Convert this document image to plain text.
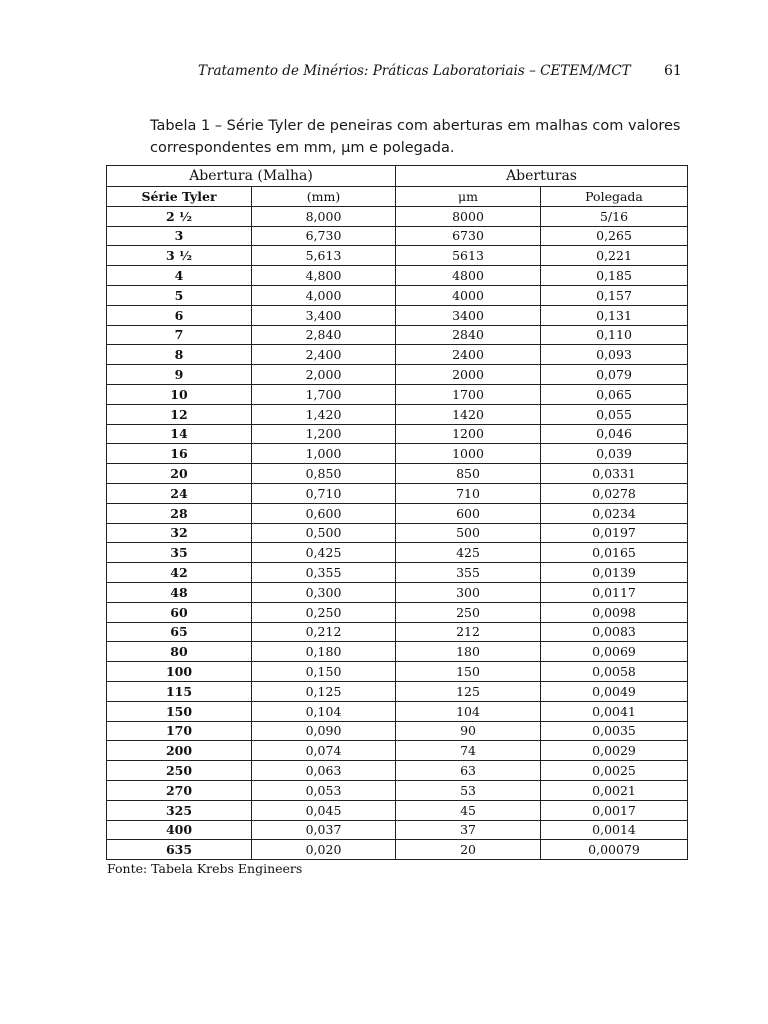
Tratamento de Minérios: Práticas Laboratoriais – CETEM/MCT 61
Tabela 1 – Série Tyler de peneiras com aberturas em malhas com valores
correspondentes em mm, μm e polegada.
Abertura (Malha)		Aberturas	
Série Tyler	(mm)	μm	Polegada
2 ½	8,000	8000	5/16
3	6,730	6730	0,265
3 ½	5,613	5613	0,221
4	4,800	4800	0,185
5	4,000	4000	0,157
6	3,400	3400	0,131
7	2,840	2840	0,110
8	2,400	2400	0,093
9	2,000	2000	0,079
10	1,700	1700	0,065
12	1,420	1420	0,055
14	1,200	1200	0,046
16	1,000	1000	0,039
20	0,850	850	0,0331
24	0,710	710	0,0278
28	0,600	600	0,0234
32	0,500	500	0,0197
35	0,425	425	0,0165
42	0,355	355	0,0139
48	0,300	300	0,0117
60	0,250	250	0,0098
65	0,212	212	0,0083
80	0,180	180	0,0069
100	0,150	150	0,0058
115	0,125	125	0,0049
150	0,104	104	0,0041
170	0,090	90	0,0035
200	0,074	74	0,0029
250	0,063	63	0,0025
270	0,053	53	0,0021
325	0,045	45	0,0017
400	0,037	37	0,0014
635	0,020	20	0,00079
Fonte: Tabela Krebs Engineers
